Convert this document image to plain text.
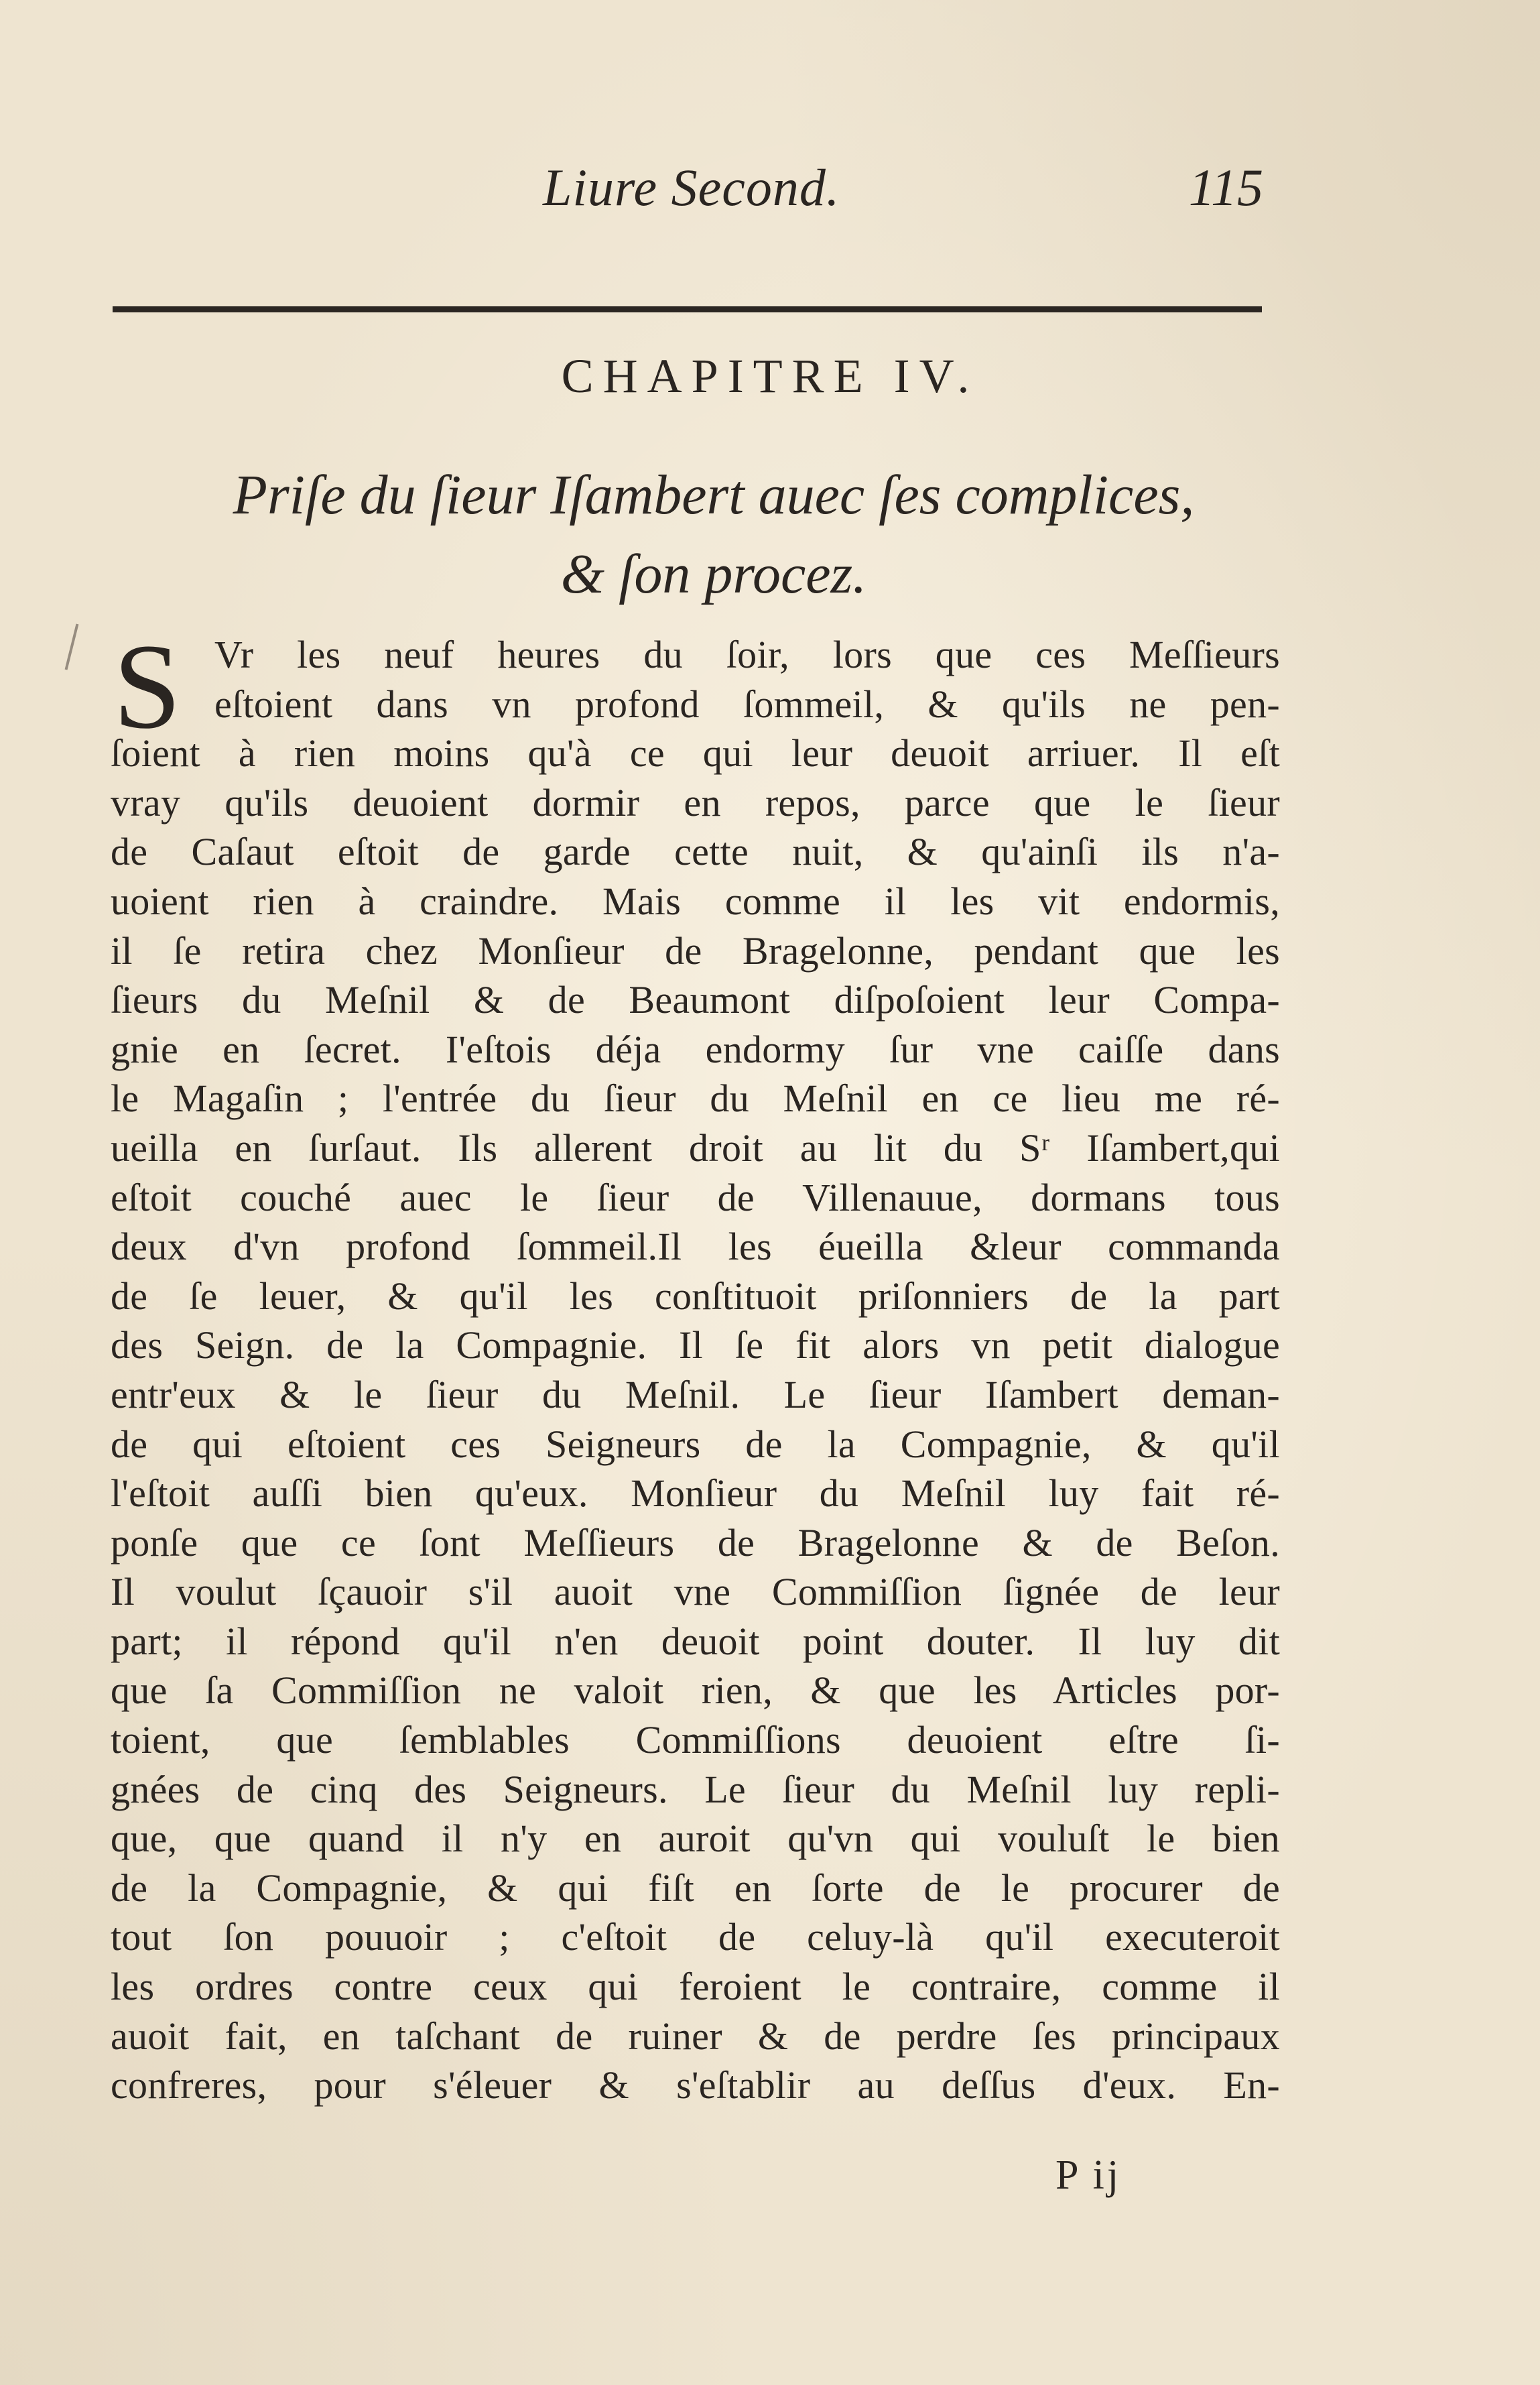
Liure Second.	115
CHAPITRE IV.
Priſe du ſieur Iſambert auec ſes complices,
& ſon procez.
S Vr les neuf heures du ſoir, lors que ces Meſſieurs
eſtoient dans vn profond ſommeil, & qu'ils ne pen-
ſoient à rien moins qu'à ce qui leur deuoit arriuer. Il eſt
vray qu'ils deuoient dormir en repos, parce que le ſieur
de Caſaut eſtoit de garde cette nuit, & qu'ainſi ils n'a-
uoient rien à craindre. Mais comme il les vit endormis,
il ſe retira chez Monſieur de Bragelonne, pendant que les
ſieurs du Meſnil & de Beaumont diſpoſoient leur Compa-
gnie en ſecret. I'eſtois déja endormy ſur vne caiſſe dans
le Magaſin ; l'entrée du ſieur du Meſnil en ce lieu me ré-
ueilla en ſurſaut. Ils allerent droit au lit du Sʳ Iſambert,qui
eſtoit couché auec le ſieur de Villenauue, dormans tous
deux d'vn profond ſommeil.Il les éueilla &leur commanda
de ſe leuer, & qu'il les conſtituoit priſonniers de la part
des Seign. de la Compagnie. Il ſe fit alors vn petit dialogue
entr'eux & le ſieur du Meſnil. Le ſieur Iſambert deman-
de qui eſtoient ces Seigneurs de la Compagnie, & qu'il
l'eſtoit auſſi bien qu'eux. Monſieur du Meſnil luy fait ré-
ponſe que ce ſont Meſſieurs de Bragelonne & de Beſon.
Il voulut ſçauoir s'il auoit vne Commiſſion ſignée de leur
part; il répond qu'il n'en deuoit point douter. Il luy dit
que ſa Commiſſion ne valoit rien, & que les Articles por-
toient, que ſemblables Commiſſions deuoient eſtre ſi-
gnées de cinq des Seigneurs. Le ſieur du Meſnil luy repli-
que, que quand il n'y en auroit qu'vn qui vouluſt le bien
de la Compagnie, & qui fiſt en ſorte de le procurer de
tout ſon pouuoir ; c'eſtoit de celuy-là qu'il executeroit
les ordres contre ceux qui feroient le contraire, comme il
auoit fait, en taſchant de ruiner & de perdre ſes principaux
confreres, pour s'éleuer & s'eſtablir au deſſus d'eux. En-
P ij
